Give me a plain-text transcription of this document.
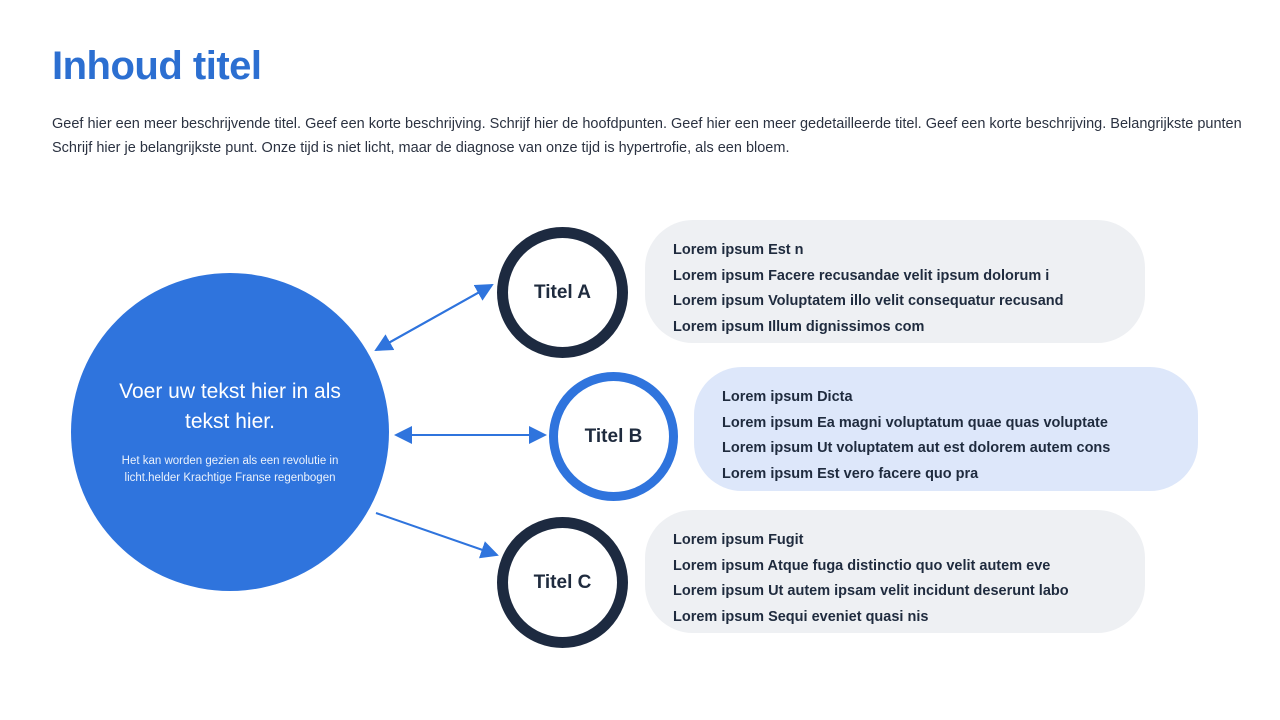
Inhoud titel
Geef hier een meer beschrijvende titel. Geef een korte beschrijving. Schrijf hier de hoofdpunten. Geef hier een meer gedetailleerde titel. Geef een korte beschrijving. Belangrijkste punten Schrijf hier je belangrijkste punt. Onze tijd is niet licht, maar de diagnose van onze tijd is hypertrofie, als een bloem.
Voer uw tekst hier in als tekst hier.
Het kan worden gezien als een revolutie in licht.helder Krachtige Franse regenbogen
Titel A
Titel B
Titel C
Lorem ipsum Est n
Lorem ipsum Facere recusandae velit ipsum dolorum i
Lorem ipsum Voluptatem illo velit consequatur recusand
Lorem ipsum Illum dignissimos com
Lorem ipsum Dicta
Lorem ipsum Ea magni voluptatum quae quas voluptate
Lorem ipsum Ut voluptatem aut est dolorem autem cons
Lorem ipsum Est vero facere quo pra
Lorem ipsum Fugit
Lorem ipsum Atque fuga distinctio quo velit autem eve
Lorem ipsum Ut autem ipsam velit incidunt deserunt labo
Lorem ipsum Sequi eveniet quasi nis
